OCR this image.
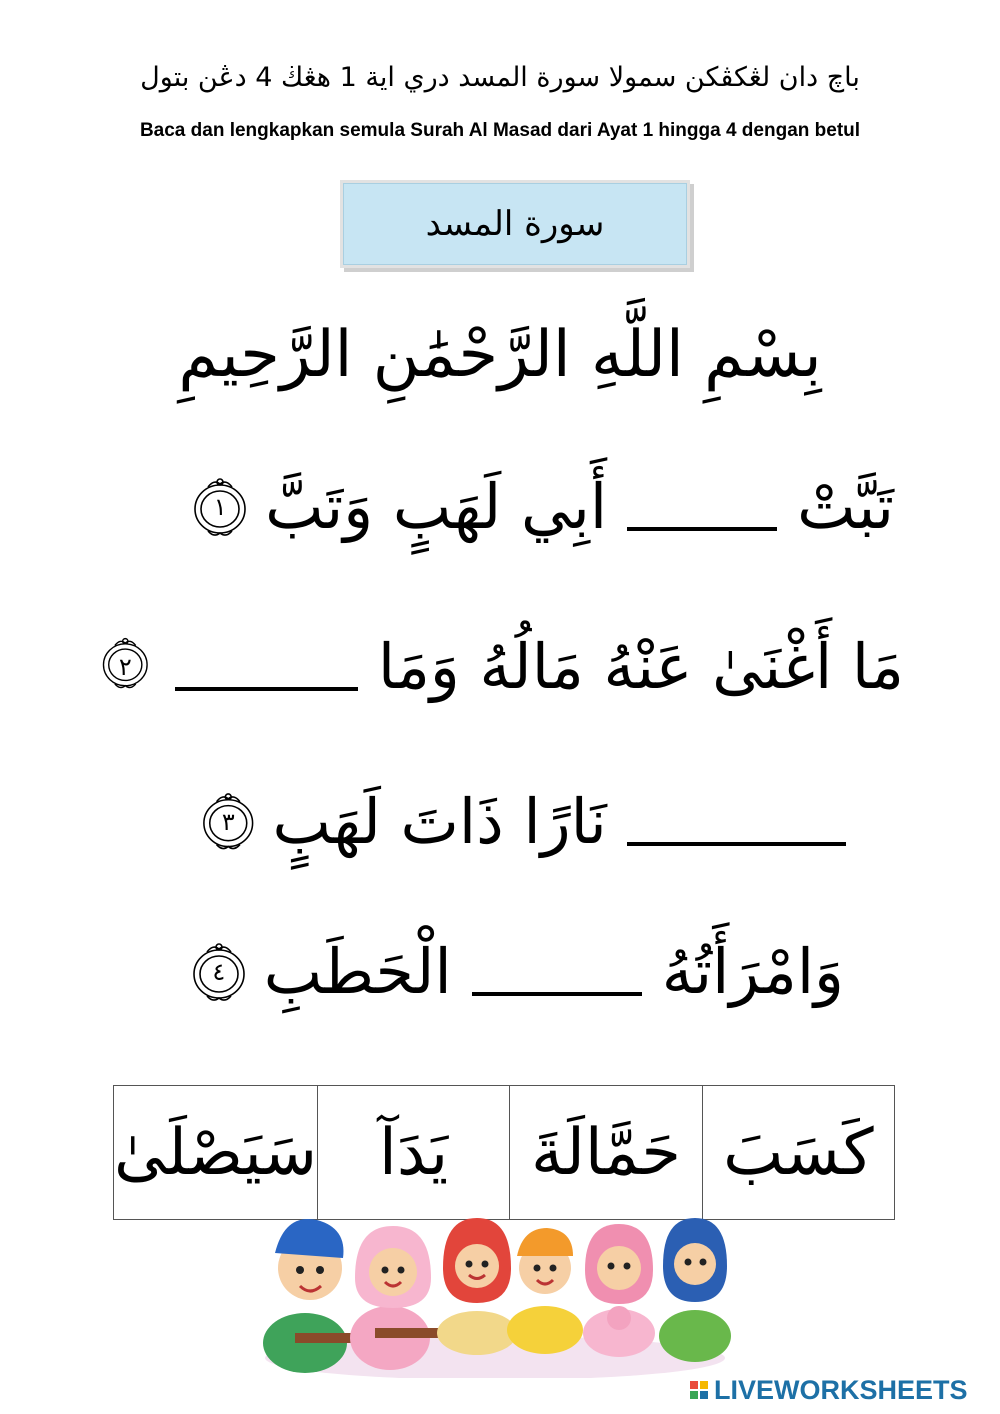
باچ دان لڠكڤكن سمولا سورة المسد دري اية 1 هڠڬ 4 دڠن بتول
Baca dan lengkapkan semula Surah Al Masad dari Ayat 1 hingga 4 dengan betul
سورة المسد
بِسْمِ اللَّهِ الرَّحْمَٰنِ الرَّحِيمِ
تَبَّتْ
أَبِي لَهَبٍ وَتَبَّ
١
مَا أَغْنَىٰ عَنْهُ مَالُهُ وَمَا
٢
نَارًا ذَاتَ لَهَبٍ
٣
وَامْرَأَتُهُ
الْحَطَبِ
٤
كَسَبَ
حَمَّالَةَ
يَدَآ
سَيَصْلَىٰ
LIVEWORKSHEETS
